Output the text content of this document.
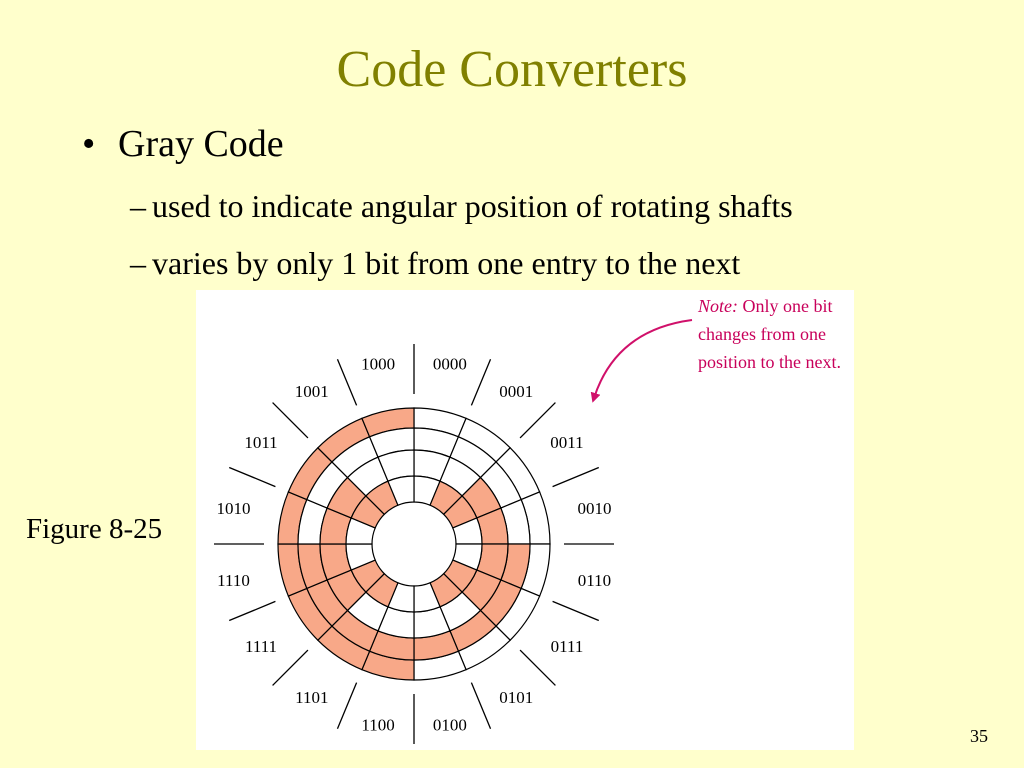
Code Converters
• Gray Code
– used to indicate angular position of rotating shafts
– varies by only 1 bit from one entry to the next
Figure 8-25
0000
0001
0011
0010
0110
0111
0101
0100
1100
1101
1111
1110
1010
1011
1001
1000
Note: Only one bit changes from one position to the next.
35
